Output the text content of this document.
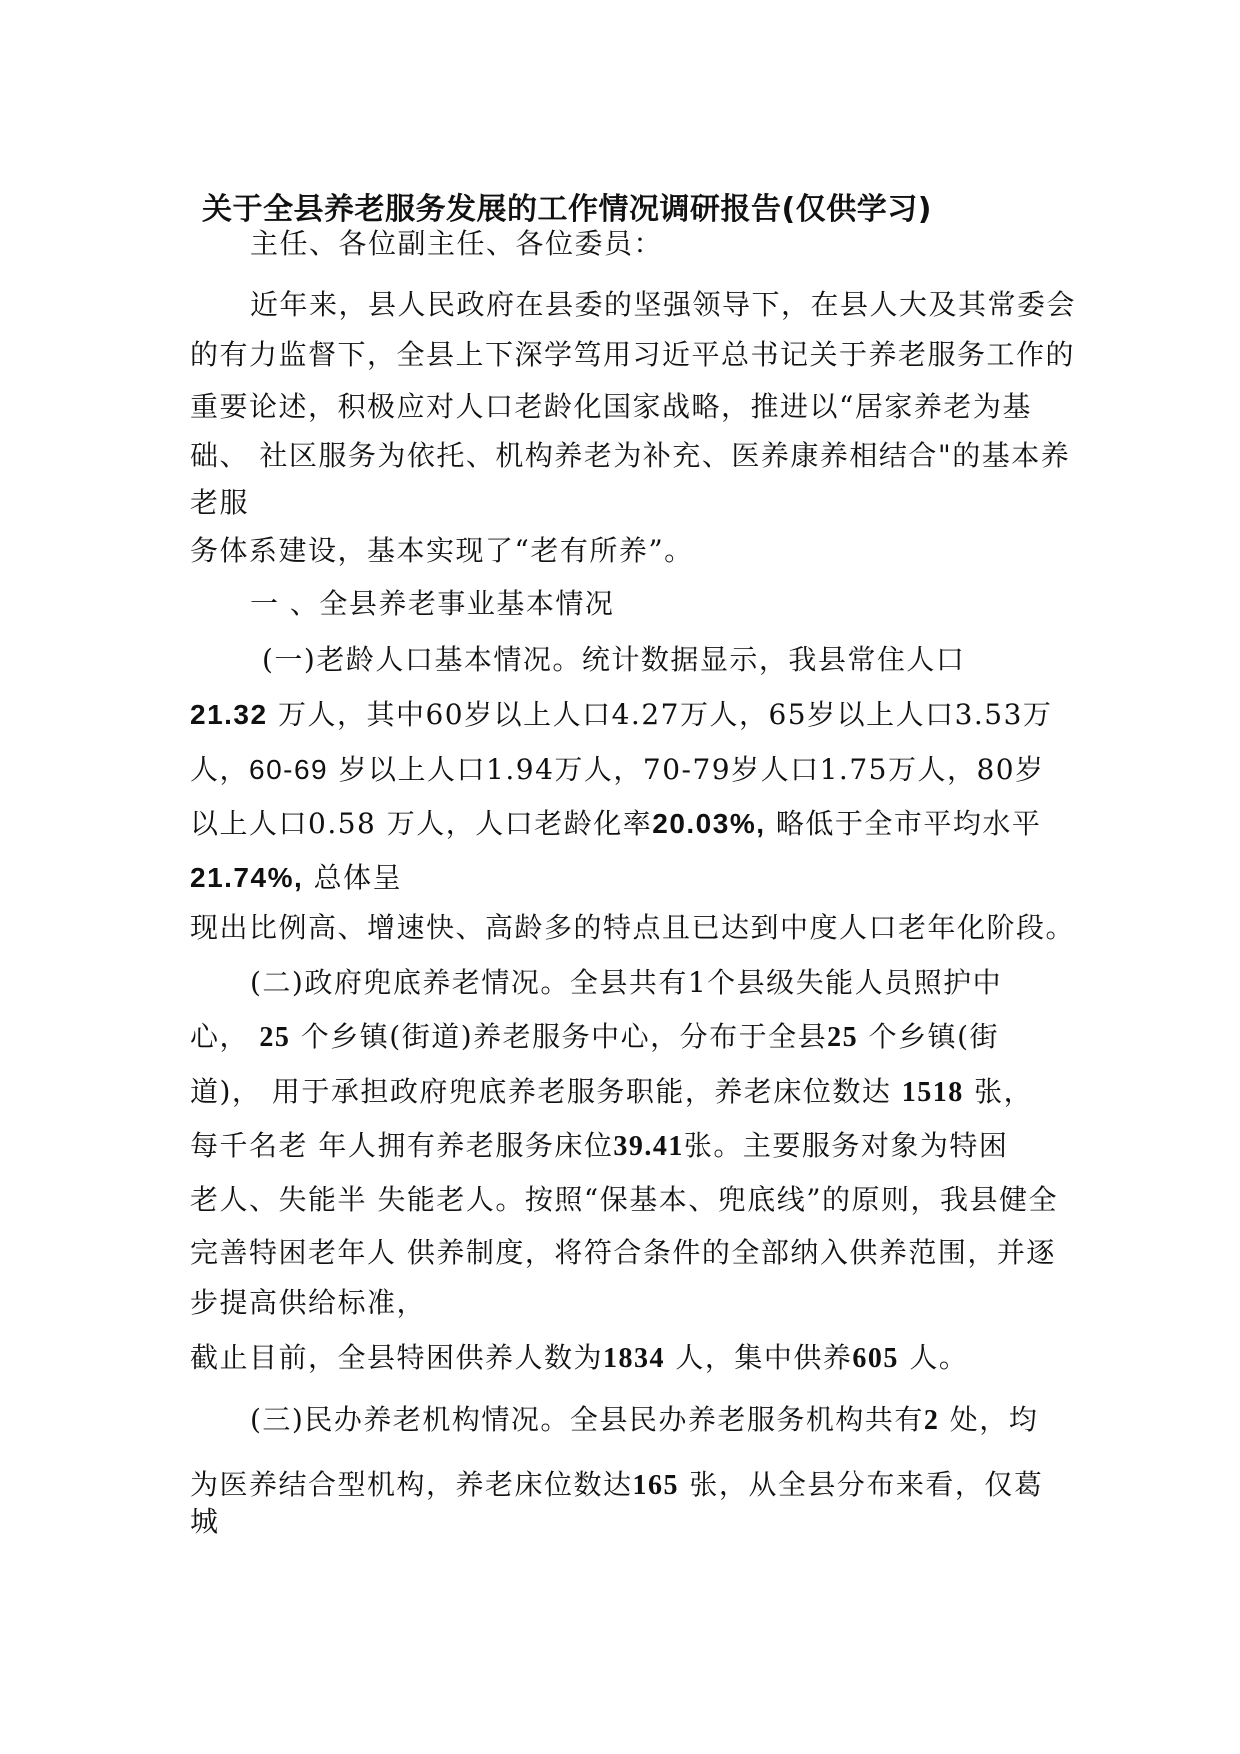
关于全县养老服务发展的工作情况调研报告(仅供学习)

主任、各位副主任、各位委员：

近年来，县人民政府在县委的坚强领导下，在县人大及其常委会

的有力监督下，全县上下深学笃用习近平总书记关于养老服务工作的

重要论述，积极应对人口老龄化国家战略，推进以“居家养老为基

础、 社区服务为依托、机构养老为补充、医养康养相结合"的基本养

老服

务体系建设，基本实现了“老有所养”。

一 、全县养老事业基本情况

(一)老龄人口基本情况。统计数据显示，我县常住人口

21.32 万人，其中60岁以上人口4.27万人，65岁以上人口3.53万

人，60-69 岁以上人口1.94万人，70-79岁人口1.75万人，80岁

以上人口0.58 万人，人口老龄化率20.03%, 略低于全市平均水平

21.74%, 总体呈

现出比例高、增速快、高龄多的特点且已达到中度人口老年化阶段。

(二)政府兜底养老情况。全县共有1个县级失能人员照护中

心， 25 个乡镇(街道)养老服务中心，分布于全县25 个乡镇(街

道)， 用于承担政府兜底养老服务职能，养老床位数达 1518 张，

每千名老 年人拥有养老服务床位39.41张。主要服务对象为特困

老人、失能半 失能老人。按照“保基本、兜底线”的原则，我县健全

完善特困老年人 供养制度，将符合条件的全部纳入供养范围，并逐

步提高供给标准，

截止目前，全县特困供养人数为1834 人，集中供养605 人。

(三)民办养老机构情况。全县民办养老服务机构共有2 处，均

为医养结合型机构，养老床位数达165 张，从全县分布来看，仅葛

城
